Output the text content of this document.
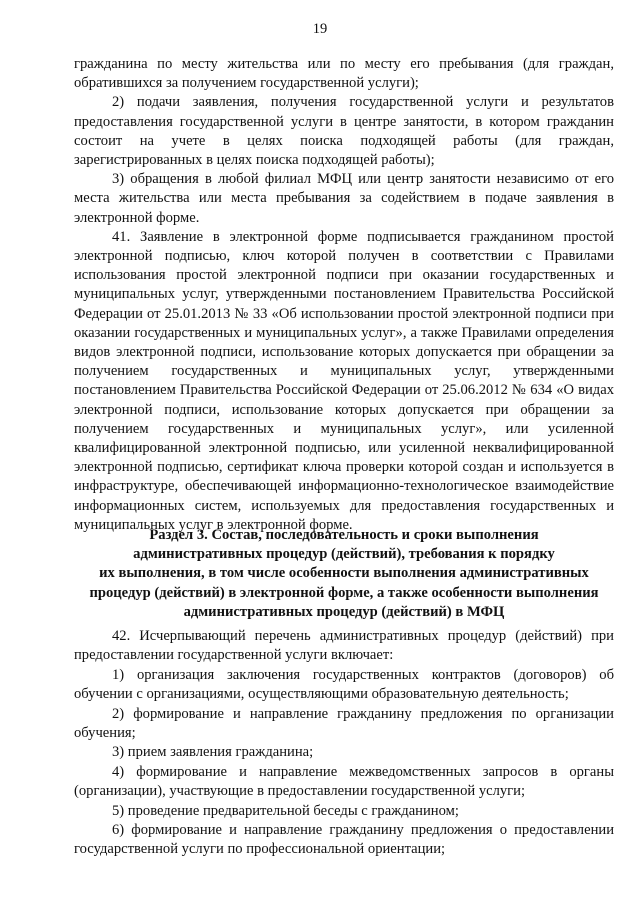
19

гражданина по месту жительства или по месту его пребывания (для граждан, обратившихся за получением государственной услуги);

2) подачи заявления, получения государственной услуги и результатов предоставления государственной услуги в центре занятости, в котором гражданин состоит на учете в целях поиска подходящей работы (для граждан, зарегистрированных в целях поиска подходящей работы);

3) обращения в любой филиал МФЦ или центр занятости независимо от его места жительства или места пребывания за содействием в подаче заявления в электронной форме.

41. Заявление в электронной форме подписывается гражданином простой электронной подписью, ключ которой получен в соответствии с Правилами использования простой электронной подписи при оказании государственных и муниципальных услуг, утвержденными постановлением Правительства Российской Федерации от 25.01.2013 № 33 «Об использовании простой электронной подписи при оказании государственных и муниципальных услуг», а также Правилами определения видов электронной подписи, использование которых допускается при обращении за получением государственных и муниципальных услуг, утвержденными постановлением Правительства Российской Федерации от 25.06.2012 № 634 «О видах электронной подписи, использование которых допускается при обращении за получением государственных и муниципальных услуг», или усиленной квалифицированной электронной подписью, или усиленной неквалифицированной электронной подписью, сертификат ключа проверки которой создан и используется в инфраструктуре, обеспечивающей информационно-технологическое взаимодействие информационных систем, используемых для предоставления государственных и муниципальных услуг в электронной форме.

Раздел 3. Состав, последовательность и сроки выполнения
административных процедур (действий), требования к порядку
их выполнения, в том числе особенности выполнения административных
процедур (действий) в электронной форме, а также особенности выполнения
административных процедур (действий) в МФЦ

42. Исчерпывающий перечень административных процедур (действий) при предоставлении государственной услуги включает:

1) организация заключения государственных контрактов (договоров) об обучении с организациями, осуществляющими образовательную деятельность;

2) формирование и направление гражданину предложения по организации обучения;

3) прием заявления гражданина;

4) формирование и направление межведомственных запросов в органы (организации), участвующие в предоставлении государственной услуги;

5) проведение предварительной беседы с гражданином;

6) формирование и направление гражданину предложения о предоставлении государственной услуги по профессиональной ориентации;
